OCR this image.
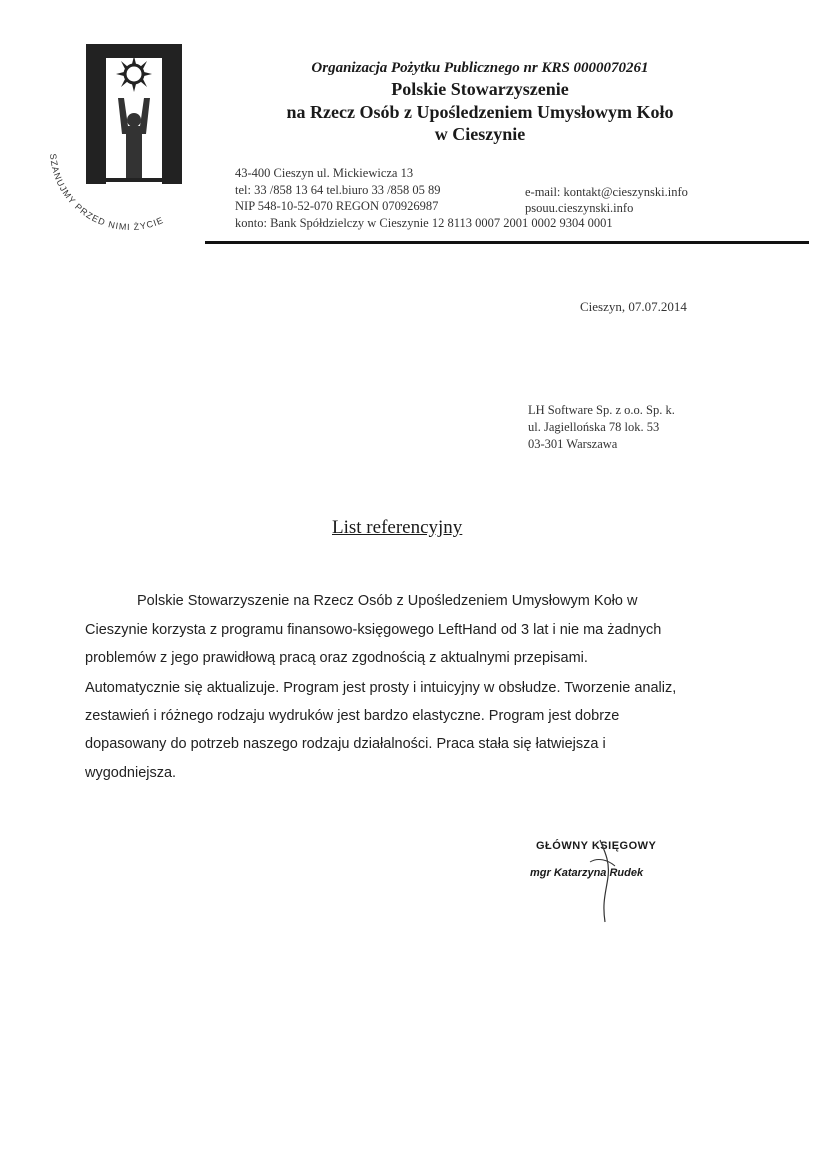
SZANUJMY PRZED NIMI ŻYCIE
Organizacja Pożytku Publicznego nr KRS 0000070261
Polskie Stowarzyszenie
na Rzecz Osób z Upośledzeniem Umysłowym Koło
w Cieszynie
43-400 Cieszyn ul. Mickiewicza 13
tel: 33 /858 13 64 tel.biuro 33 /858 05 89
NIP 548-10-52-070 REGON 070926987
konto: Bank Spółdzielczy w Cieszynie 12 8113 0007 2001 0002 9304 0001
e-mail: kontakt@cieszynski.info
psouu.cieszynski.info
Cieszyn, 07.07.2014
LH Software Sp. z o.o. Sp. k.
ul. Jagiellońska 78 lok. 53
03-301 Warszawa
List referencyjny
Polskie Stowarzyszenie na Rzecz Osób z Upośledzeniem Umysłowym Koło w
Cieszynie korzysta z programu finansowo-księgowego LeftHand od 3 lat i nie ma żadnych
problemów z jego prawidłową pracą oraz zgodnością z aktualnymi przepisami.
Automatycznie się aktualizuje. Program jest prosty i intuicyjny w obsłudze. Tworzenie analiz,
zestawień i różnego rodzaju wydruków jest bardzo elastyczne. Program jest dobrze
dopasowany do potrzeb naszego rodzaju działalności. Praca stała się łatwiejsza i
wygodniejsza.
GŁÓWNY KSIĘGOWY
mgr Katarzyna Rudek
